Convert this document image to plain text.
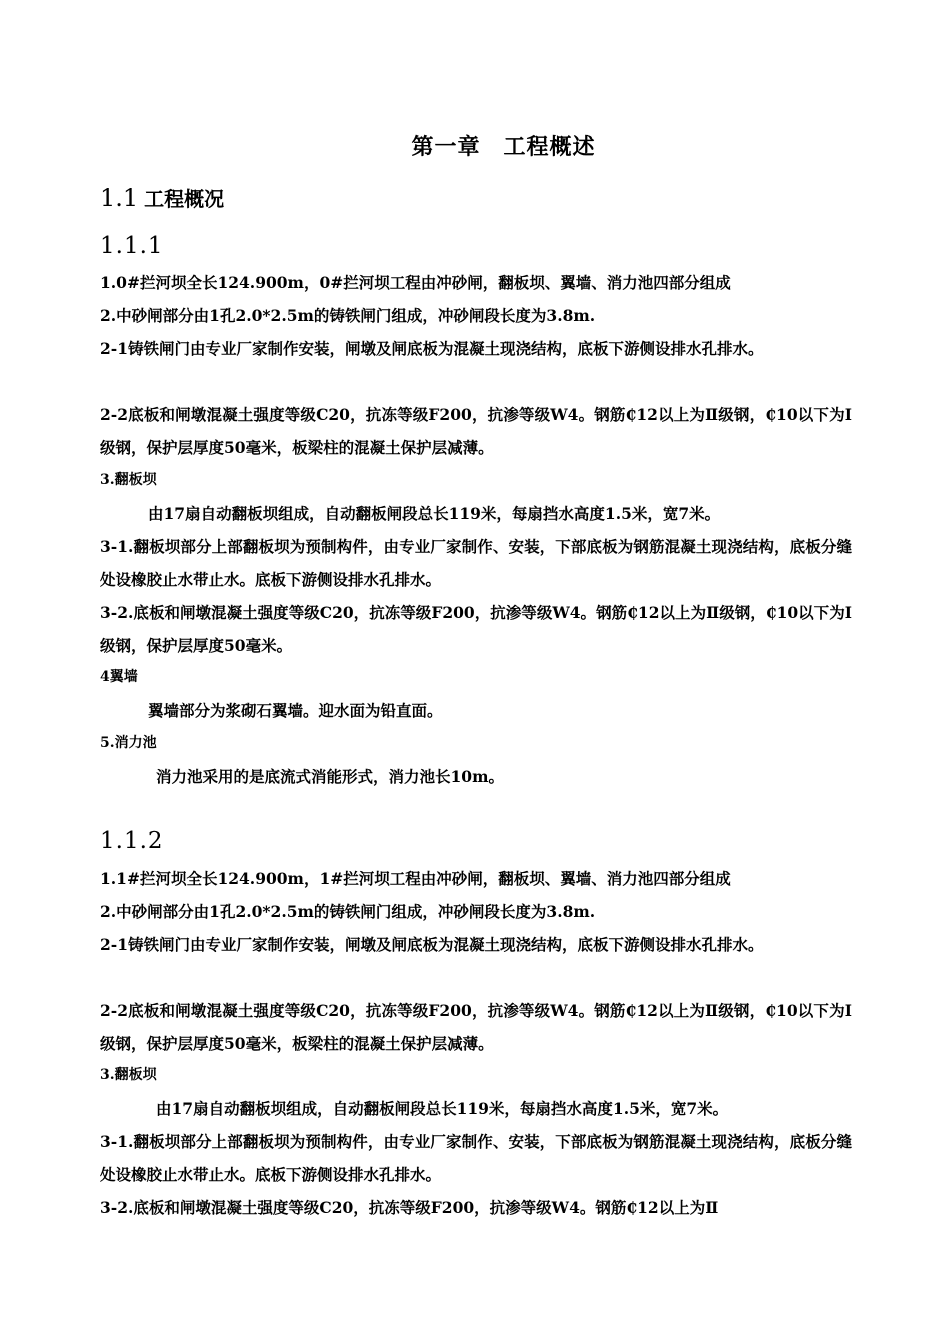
第一章　工程概述
1.1 工程概况
1.1.1

1.0#拦河坝全长124.900m，0#拦河坝工程由冲砂闸，翻板坝、翼墙、消力池四部分组成

2.中砂闸部分由1孔2.0*2.5m的铸铁闸门组成，冲砂闸段长度为3.8m.

2-1铸铁闸门由专业厂家制作安装，闸墩及闸底板为混凝土现浇结构，底板下游侧设排水孔排水。

2-2底板和闸墩混凝土强度等级C20，抗冻等级F200，抗渗等级W4。钢筋₵12以上为Ⅱ级钢，₵10以下为Ⅰ级钢，保护层厚度50毫米，板梁柱的混凝土保护层减薄。

3.翻板坝

由17扇自动翻板坝组成，自动翻板闸段总长119米，每扇挡水高度1.5米，宽7米。

3-1.翻板坝部分上部翻板坝为预制构件，由专业厂家制作、安装，下部底板为钢筋混凝土现浇结构，底板分缝处设橡胶止水带止水。底板下游侧设排水孔排水。

3-2.底板和闸墩混凝土强度等级C20，抗冻等级F200，抗渗等级W4。钢筋₵12以上为Ⅱ级钢，₵10以下为Ⅰ级钢，保护层厚度50毫米。

4翼墙

翼墙部分为浆砌石翼墙。迎水面为铅直面。

5.消力池

消力池采用的是底流式消能形式，消力池长10m。

1.1.2

1.1#拦河坝全长124.900m，1#拦河坝工程由冲砂闸，翻板坝、翼墙、消力池四部分组成

2.中砂闸部分由1孔2.0*2.5m的铸铁闸门组成，冲砂闸段长度为3.8m.

2-1铸铁闸门由专业厂家制作安装，闸墩及闸底板为混凝土现浇结构，底板下游侧设排水孔排水。

2-2底板和闸墩混凝土强度等级C20，抗冻等级F200，抗渗等级W4。钢筋₵12以上为Ⅱ级钢，₵10以下为Ⅰ级钢，保护层厚度50毫米，板梁柱的混凝土保护层减薄。

3.翻板坝

由17扇自动翻板坝组成，自动翻板闸段总长119米，每扇挡水高度1.5米，宽7米。

3-1.翻板坝部分上部翻板坝为预制构件，由专业厂家制作、安装，下部底板为钢筋混凝土现浇结构，底板分缝处设橡胶止水带止水。底板下游侧设排水孔排水。

3-2.底板和闸墩混凝土强度等级C20，抗冻等级F200，抗渗等级W4。钢筋₵12以上为Ⅱ
